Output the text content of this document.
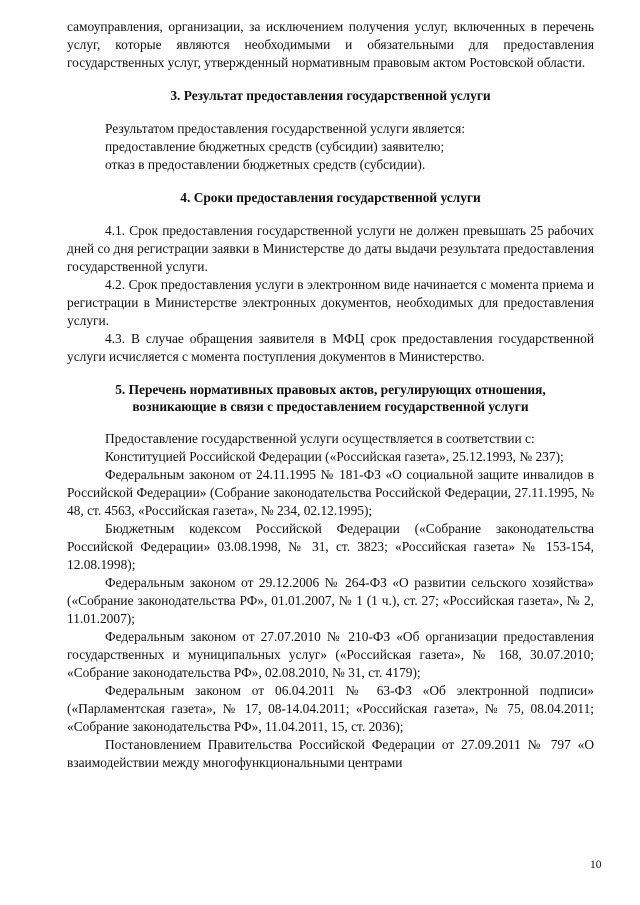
самоуправления, организации, за исключением получения услуг, включенных в перечень услуг, которые являются необходимыми и обязательными для предоставления государственных услуг, утвержденный нормативным правовым актом Ростовской области.

3. Результат предоставления государственной услуги

Результатом предоставления государственной услуги является:

предоставление бюджетных средств (субсидии) заявителю;

отказ в предоставлении бюджетных средств (субсидии).

4. Сроки предоставления государственной услуги

4.1. Срок предоставления государственной услуги не должен превышать 25 рабочих дней со дня регистрации заявки в Министерстве до даты выдачи результата предоставления государственной услуги.

4.2. Срок предоставления услуги в электронном виде начинается с момента приема и регистрации в Министерстве электронных документов, необходимых для предоставления услуги.

4.3. В случае обращения заявителя в МФЦ срок предоставления государственной услуги исчисляется с момента поступления документов в Министерство.

5. Перечень нормативных правовых актов, регулирующих отношения,
возникающие в связи с предоставлением государственной услуги

Предоставление государственной услуги осуществляется в соответствии с:

Конституцией Российской Федерации («Российская газета», 25.12.1993, № 237);

Федеральным законом от 24.11.1995 № 181-ФЗ «О социальной защите инвалидов в Российской Федерации» (Собрание законодательства Российской Федерации, 27.11.1995, № 48, ст. 4563, «Российская газета», № 234, 02.12.1995);

Бюджетным кодексом Российской Федерации («Собрание законодательства Российской Федерации» 03.08.1998, № 31, ст. 3823; «Российская газета» № 153-154, 12.08.1998);

Федеральным законом от 29.12.2006 № 264-ФЗ «О развитии сельского хозяйства» («Собрание законодательства РФ», 01.01.2007, № 1 (1 ч.), ст. 27; «Российская газета», № 2, 11.01.2007);

Федеральным законом от 27.07.2010 № 210-ФЗ «Об организации предоставления государственных и муниципальных услуг» («Российская газета», № 168, 30.07.2010; «Собрание законодательства РФ», 02.08.2010, № 31, ст. 4179);

Федеральным законом от 06.04.2011 № 63-ФЗ «Об электронной подписи» («Парламентская газета», № 17, 08-14.04.2011; «Российская газета», № 75, 08.04.2011; «Собрание законодательства РФ», 11.04.2011, 15, ст. 2036);

Постановлением Правительства Российской Федерации от 27.09.2011 № 797 «О взаимодействии между многофункциональными центрами

10
